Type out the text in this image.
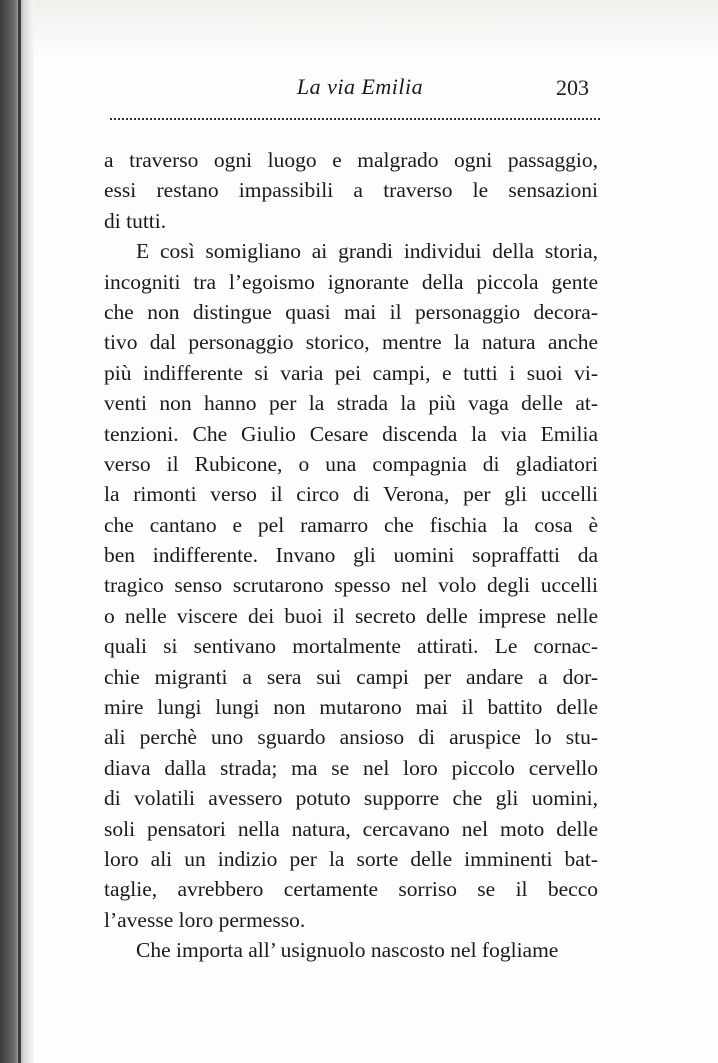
La via Emilia	203
a traverso ogni luogo e malgrado ogni passaggio,
essi restano impassibili a traverso le sensazioni
di tutti.
E così somigliano ai grandi individui della storia,
incogniti tra l’egoismo ignorante della piccola gente
che non distingue quasi mai il personaggio decora-
tivo dal personaggio storico, mentre la natura anche
più indifferente si varia pei campi, e tutti i suoi vi-
venti non hanno per la strada la più vaga delle at-
tenzioni. Che Giulio Cesare discenda la via Emilia
verso il Rubicone, o una compagnia di gladiatori
la rimonti verso il circo di Verona, per gli uccelli
che cantano e pel ramarro che fischia la cosa è
ben indifferente. Invano gli uomini sopraffatti da
tragico senso scrutarono spesso nel volo degli uccelli
o nelle viscere dei buoi il secreto delle imprese nelle
quali si sentivano mortalmente attirati. Le cornac-
chie migranti a sera sui campi per andare a dor-
mire lungi lungi non mutarono mai il battito delle
ali perchè uno sguardo ansioso di aruspice lo stu-
diava dalla strada; ma se nel loro piccolo cervello
di volatili avessero potuto supporre che gli uomini,
soli pensatori nella natura, cercavano nel moto delle
loro ali un indizio per la sorte delle imminenti bat-
taglie, avrebbero certamente sorriso se il becco
l’avesse loro permesso.
Che importa all’ usignuolo nascosto nel fogliame
